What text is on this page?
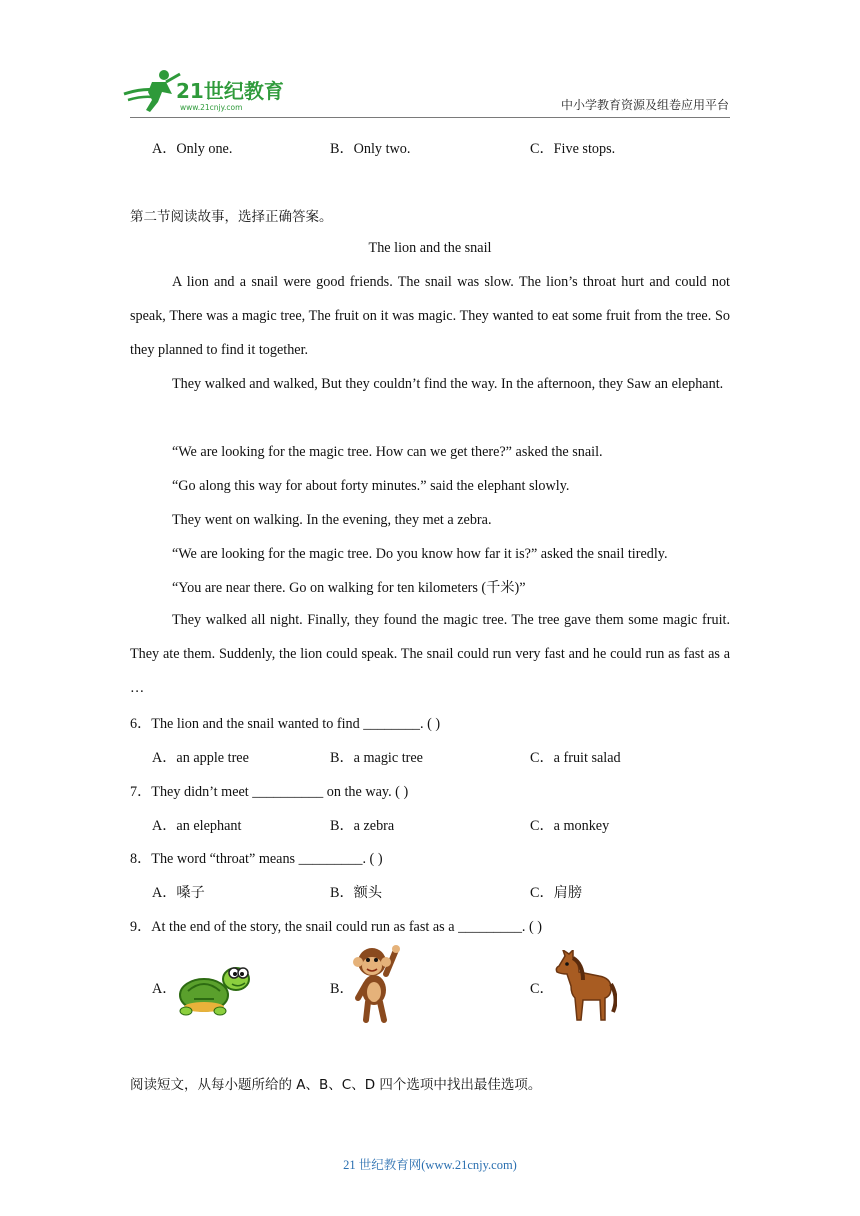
21世纪教育
www.21cnjy.com	中小学教育资源及组卷应用平台
A．Only one.	B．Only two.	C．Five stops.
第二节阅读故事，选择正确答案。
The lion and the snail
A lion and a snail were good friends. The snail was slow. The lion’s throat hurt and could not speak, There was a magic tree, The fruit on it was magic. They wanted to eat some fruit from the tree. So they planned to find it together.
They walked and walked, But they couldn’t find the way. In the afternoon, they Saw an elephant.
“We are looking for the magic tree. How can we get there?” asked the snail.
“Go along this way for about forty minutes.” said the elephant slowly.
They went on walking. In the evening, they met a zebra.
“We are looking for the magic tree. Do you know how far it is?” asked the snail tiredly.
“You are near there. Go on walking for ten kilometers (千米)”
They walked all night. Finally, they found the magic tree. The tree gave them some magic fruit. They ate them. Suddenly, the lion could speak. The snail could run very fast and he could run as fast as a …
6．The lion and the snail wanted to find ________. ( )
A．an apple tree	B．a magic tree	C．a fruit salad
7．They didn’t meet __________ on the way. ( )
A．an elephant	B．a zebra	C．a monkey
8．The word “throat” means _________. ( )
A．嗓子	B．额头	C．肩膀
9．At the end of the story, the snail could run as fast as a _________. ( )
A．	B．	C．
阅读短文，从每小题所给的 A、B、C、D 四个选项中找出最佳选项。
21 世纪教育网(www.21cnjy.com)
